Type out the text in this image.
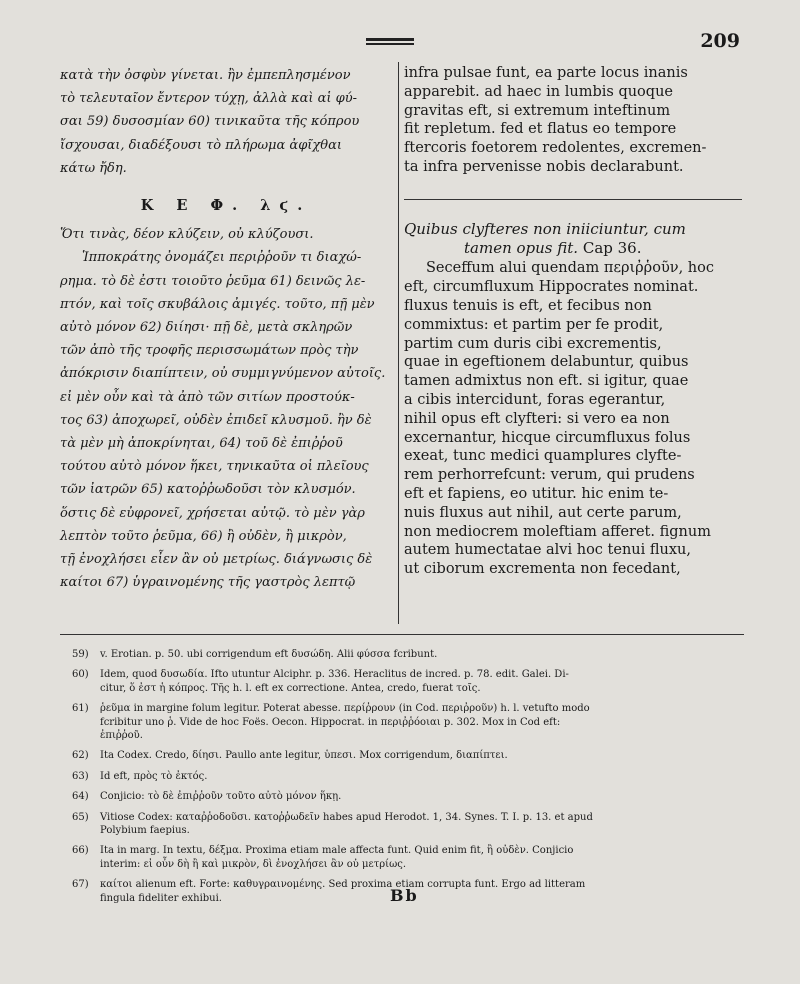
209
κατὰ τὴν ὀσφὺν γίνεται. ἢν ἐμπεπλησμένον
τὸ τελευταῖον ἔντερον τύχῃ, ἀλλὰ καὶ αἱ φύ-
σαι 59) δυσοσμίαν 60) τινικαῦτα τῆς κόπρου
ἴσχουσαι, διαδέξουσι τὸ πλήρωμα ἀφῖχθαι
κάτω ἤδη.
Κ Ε Φ. λϛ.
Ὅτι τινὰς, δέον κλύζειν, οὐ κλύζουσι.
Ἱπποκράτης ὀνομάζει περιῤῥοῦν τι διαχώ-
ρημα. τὸ δὲ ἐστι τοιοῦτο ῥεῦμα 61) δεινῶς λε-
πτόν, καὶ τοῖς σκυβάλοις ἀμιγές. τοῦτο, πῇ μὲν
αὐτὸ μόνον 62) διίησι· πῇ δὲ, μετὰ σκληρῶν
τῶν ἀπὸ τῆς τροφῆς περισσωμάτων πρὸς τὴν
ἀπόκρισιν διαπίπτειν, οὐ συμμιγνύμενον αὐτοῖς.
εἰ μὲν οὖν καὶ τὰ ἀπὸ τῶν σιτίων προστούκ-
τος 63) ἀποχωρεῖ, οὐδὲν ἐπιδεῖ κλυσμοῦ. ἢν δὲ
τὰ μὲν μὴ ἀποκρίνηται, 64) τοῦ δὲ ἐπιῤῥοῦ
τούτου αὐτὸ μόνον ἥκει, τηνικαῦτα οἱ πλεῖους
τῶν ἰατρῶν 65) κατοῤῥωδοῦσι τὸν κλυσμόν.
ὅστις δὲ εὐφρονεῖ, χρήσεται αὐτῷ. τὸ μὲν γὰρ
λεπτὸν τοῦτο ῥεῦμα, 66) ἢ οὐδὲν, ἢ μικρὸν,
τῇ ἐνοχλήσει εἶεν ἂν οὐ μετρίως. διάγνωσις δὲ
καίτοι 67) ὑγραινομένης τῆς γαστρὸς λεπτῷ
infra pulsae funt, ea parte locus inanis
apparebit. ad haec in lumbis quoque
gravitas eft, si extremum inteftinum
fit repletum. fed et flatus eo tempore
ftercoris foetorem redolentes, excremen-
ta infra pervenisse nobis declarabunt.
Quibus clyfteres non iniiciuntur, cum
tamen opus fit. Cap 36.
Seceffum alui quendam περιῤῥοῦν, hoc
eft, circumfluxum Hippocrates nominat.
fluxus tenuis is eft, et fecibus non
commixtus: et partim per fe prodit,
partim cum duris cibi excrementis,
quae in egeftionem delabuntur, quibus
tamen admixtus non eft. si igitur, quae
a cibis intercidunt, foras egerantur,
nihil opus eft clyfteri: si vero ea non
excernantur, hicque circumfluxus folus
exeat, tunc medici quamplures clyfte-
rem perhorrefcunt: verum, qui prudens
eft et fapiens, eo utitur. hic enim te-
nuis fluxus aut nihil, aut certe parum,
non mediocrem moleftiam afferet. fignum
autem humectatae alvi hoc tenui fluxu,
ut ciborum excrementa non fecedant,
59)	v. Erotian. p. 50. ubi corrigendum eft δυσώδη. Alii φύσσα fcribunt.
60)	Idem, quod δυσωδία. Ifto utuntur Alciphr. p. 336. Heraclitus de incred. p. 78. edit. Galei. Di-
citur, ὅ ἐστ ἡ κόπρος. Τῆς h. l. eft ex correctione. Antea, credo, fuerat τοῖς.
61)	ῥεῦμα in margine folum legitur. Poterat abesse. περίῤρουν (in Cod. περιῤροῦν) h. l. vetufto modo
fcribitur uno ῥ. Vide de hoc Foës. Oecon. Hippocrat. in περιῤῥόοιαι p. 302. Mox in Cod eft:
ἐπιῤῥοῦ.
62)	Ita Codex. Credo, δίησι. Paullo ante legitur, ὑπεσι. Mox corrigendum, διαπίπτει.
63)	Id eft, πρὸς τὸ ἐκτός.
64)	Conjicio: τὸ δὲ ἐπιῤῥοῦν τοῦτο αὐτὸ μόνον ἥκῃ.
65)	Vitiose Codex: καταῤῥοδοῦσι. κατοῤῥωδεῖν habes apud Herodot. 1, 34. Synes. T. I. p. 13. et apud
Polybium faepius.
66)	Ita in marg. In textu, δέξμα. Proxima etiam male affecta funt. Quid enim fit, ἢ οὐδὲν. Conjicio
interim: εἰ οὖν δὴ ἢ καὶ μικρὸν, δὶ ἐνοχλήσει ἂν οὐ μετρίως.
67)	καίτοι alienum eft. Forte: καθυγραινομένης. Sed proxima etiam corrupta funt. Ergo ad litteram
fingula fideliter exhibui.	Bb
